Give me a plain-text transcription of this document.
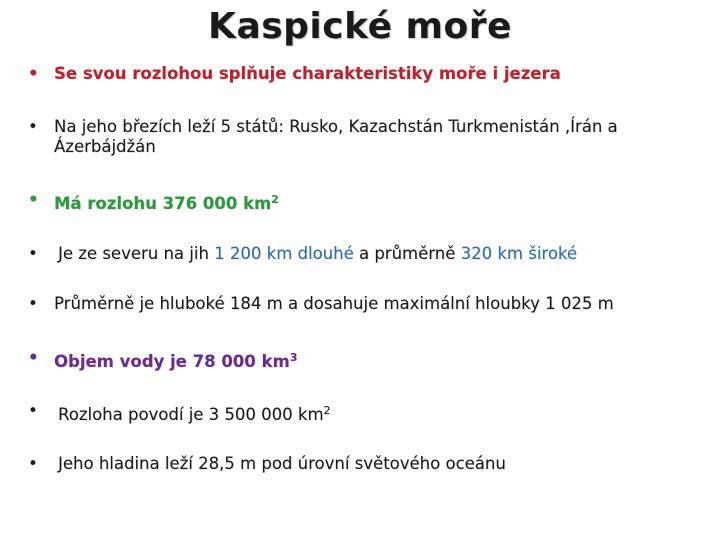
Kaspické moře
• Se svou rozlohou splňuje charakteristiky moře i jezera
• Na jeho březích leží 5 států: Rusko, Kazachstán Turkmenistán ,Írán a Ázerbájdžán
• Má rozlohu 376 000 $km^2$
•	Je ze severu na jih 1 200 km dlouhé a průměrně 320 km široké
• Průměrně je hluboké 184 m a dosahuje maximální hloubky 1 025 m
• Objem vody je 78 000 $km^3$
•	Rozloha povodí je 3 500 000 $km^2$
•	Jeho hladina leží 28,5 m pod úrovní světového oceánu
